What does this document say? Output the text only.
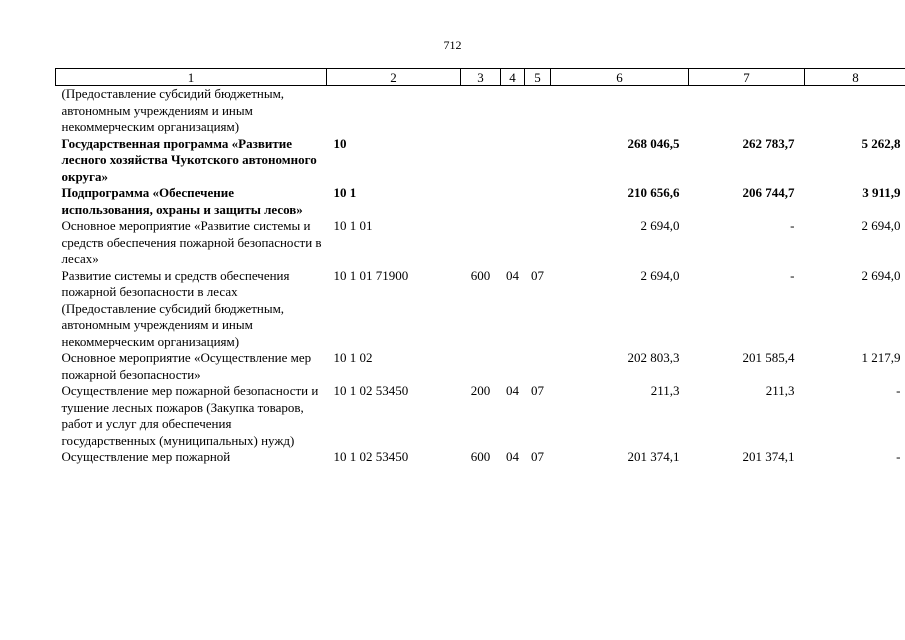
712
1	2	3	4	5	6	7	8
(Предоставление субсидий бюджетным, автономным учреждениям и иным некоммерческим организациям)							
Государственная программа «Развитие лесного хозяйства Чукотского автономного округа»	10				268 046,5	262 783,7	5 262,8
Подпрограмма «Обеспечение использования, охраны и защиты лесов»	10 1				210 656,6	206 744,7	3 911,9
Основное мероприятие «Развитие системы и средств обеспечения пожарной безопасности в лесах»	10 1 01				2 694,0	-	2 694,0
Развитие системы и средств обеспечения пожарной безопасности в лесах (Предоставление субсидий бюджетным, автономным учреждениям и иным некоммерческим организациям)	10 1 01 71900	600	04	07	2 694,0	-	2 694,0
Основное мероприятие «Осуществление мер пожарной безопасности»	10 1 02				202 803,3	201 585,4	1 217,9
Осуществление мер пожарной безопасности и тушение лесных пожаров (Закупка товаров, работ и услуг для обеспечения государственных (муниципальных) нужд)	10 1 02 53450	200	04	07	211,3	211,3	-
Осуществление мер пожарной	10 1 02 53450	600	04	07	201 374,1	201 374,1	-
